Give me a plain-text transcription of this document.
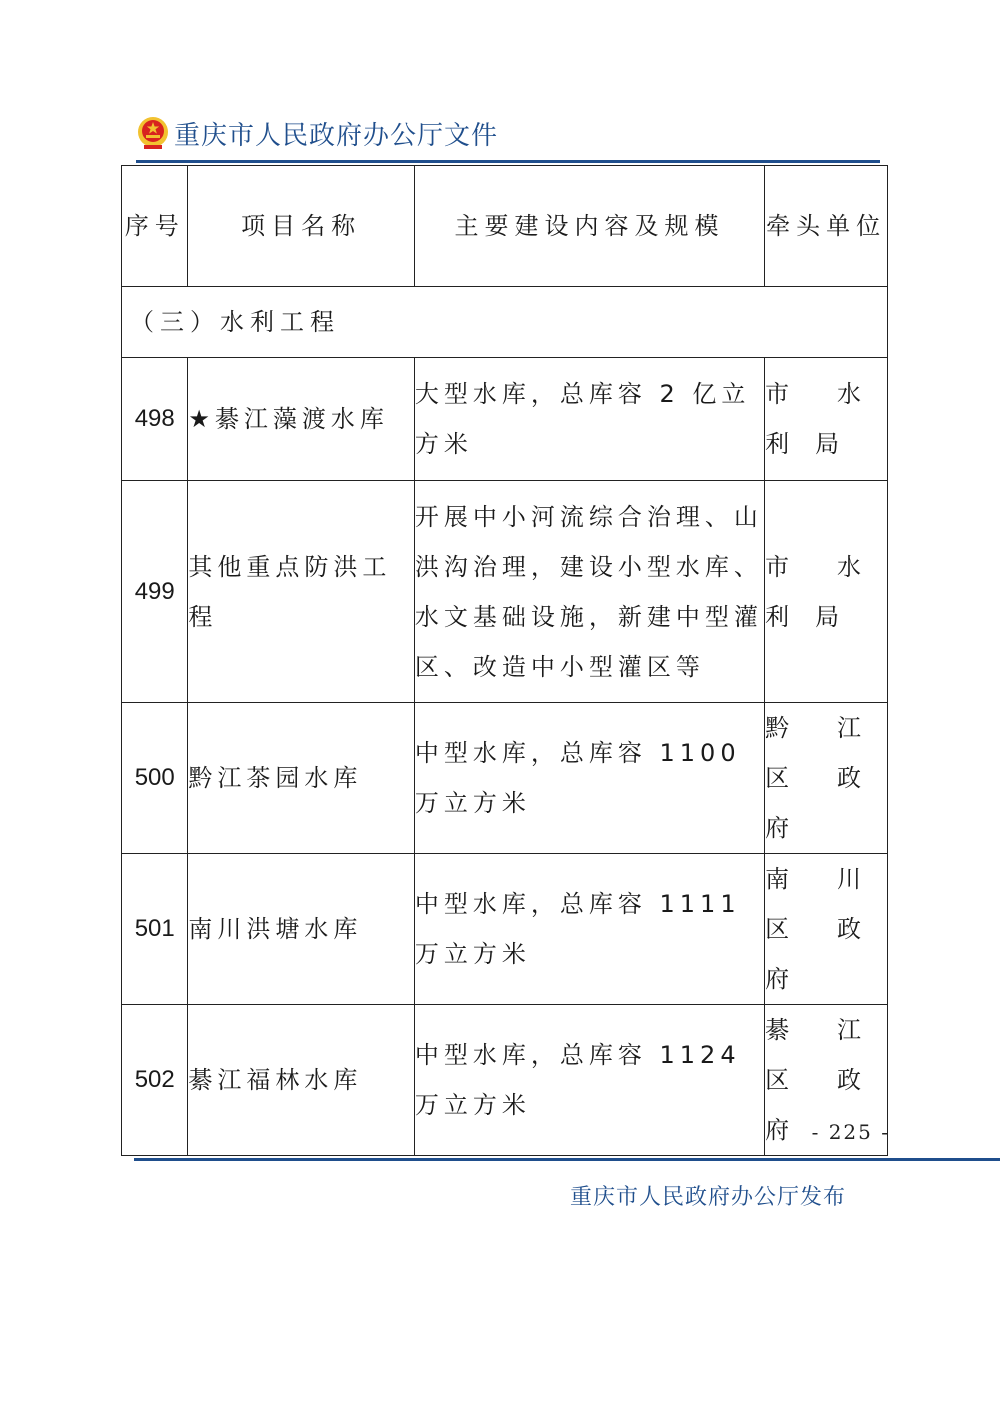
重庆市人民政府办公厅文件
序号	项目名称	主要建设内容及规模	牵头单位
（三）水利工程			
498	★綦江藻渡水库	大型水库，总库容 2 亿立方米	市水利局
499	其他重点防洪工程	开展中小河流综合治理、山洪沟治理，建设小型水库、水文基础设施，新建中型灌区、改造中小型灌区等	市水利局
500	黔江茶园水库	中型水库，总库容 1100 万立方米	黔江区政府
501	南川洪塘水库	中型水库，总库容 1111 万立方米	南川区政府
502	綦江福林水库	中型水库，总库容 1124 万立方米	綦江区政府
- 225 -
重庆市人民政府办公厅发布
